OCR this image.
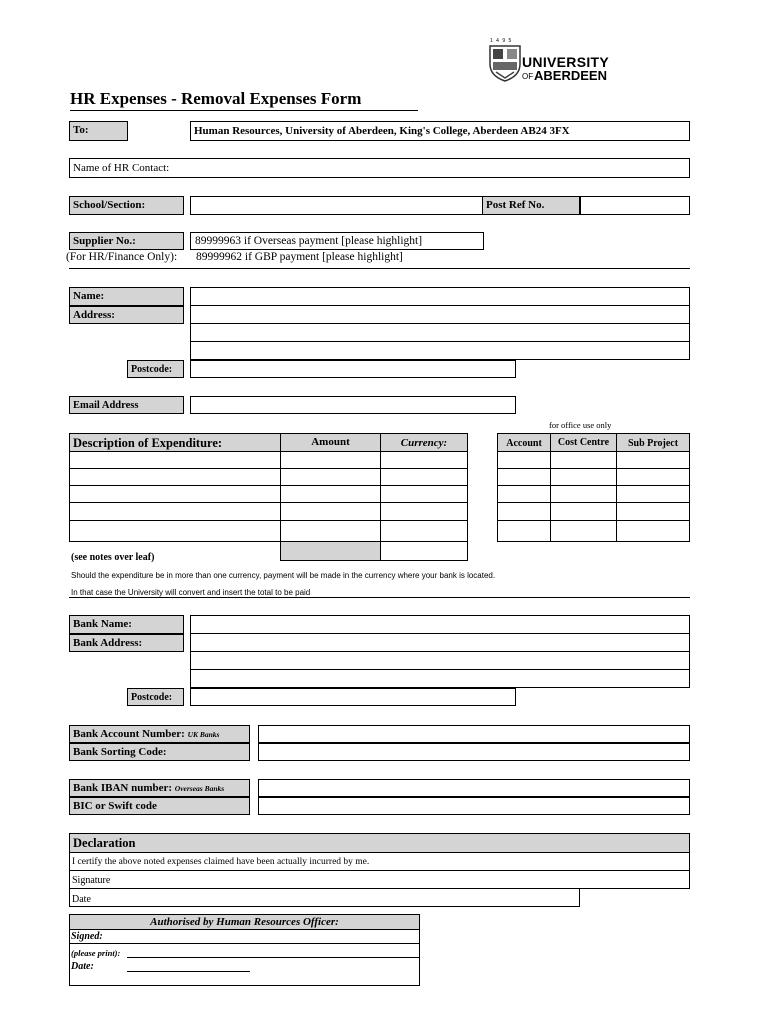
1 4 9 5
UNIVERSITY
OF ABERDEEN
HR Expenses - Removal Expenses Form
To:	Human Resources, University of Aberdeen, King's College, Aberdeen AB24 3FX
Name of HR Contact:
School/Section:	Post Ref No.
Supplier No.:	89999963 if Overseas payment [please highlight]
(For HR/Finance Only): 89999962 if GBP payment [please highlight]
Name:
Address:
Postcode:
Email Address
for office use only
Description of Expenditure:	Amount	Currency:	Account	Cost Centre	Sub Project
(see notes over leaf)
Should the expenditure be in more than one currency, payment will be made in the currency where your bank is located.
In that case the University will convert and insert the total to be paid
Bank Name:
Bank Address:
Postcode:
Bank Account Number: UK Banks
Bank Sorting Code:
Bank IBAN number: Overseas Banks
BIC or Swift code
Declaration
I certify the above noted expenses claimed have been actually incurred by me.
Signature
Date
Authorised by Human Resources Officer:
Signed:
(please print):
Date:
